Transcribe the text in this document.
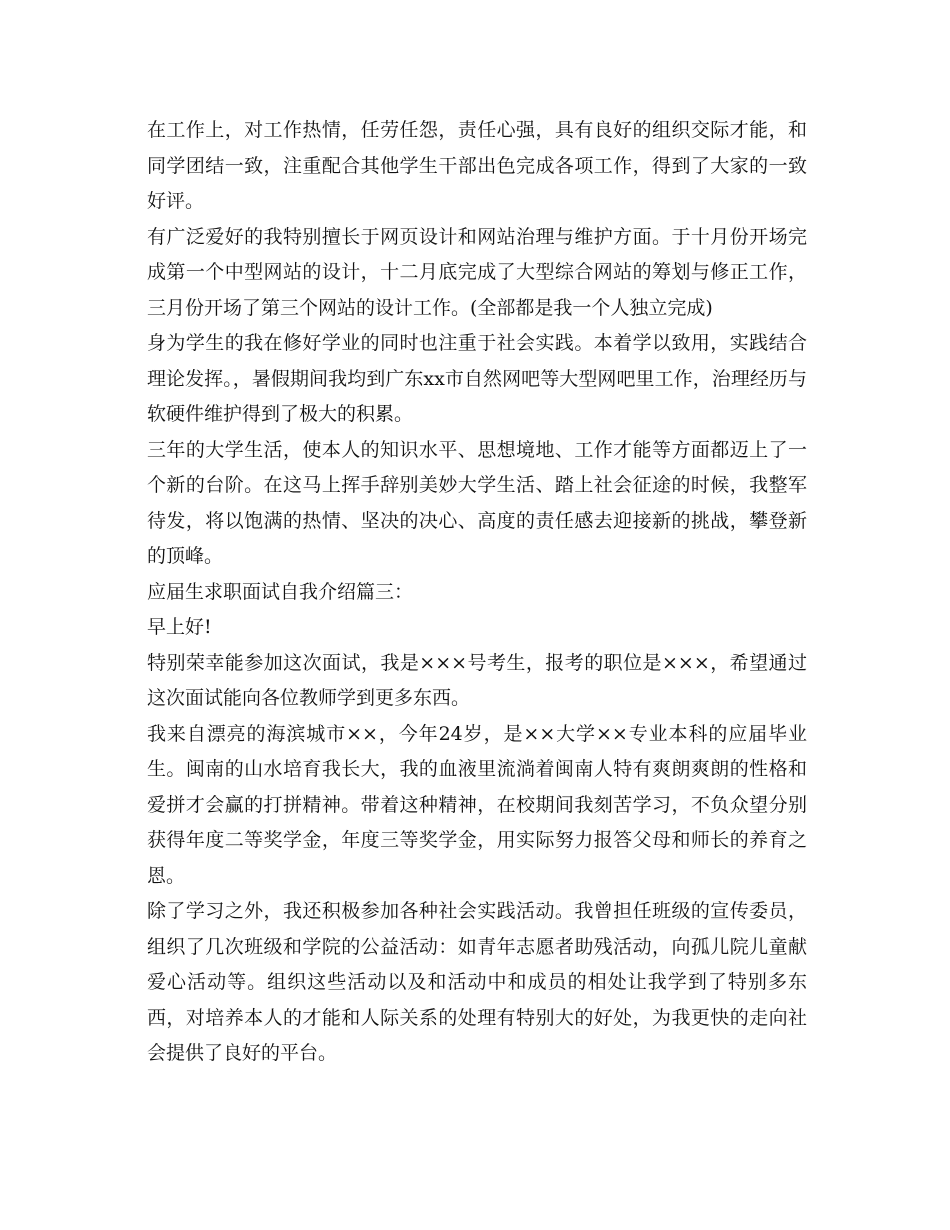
在工作上，对工作热情，任劳任怨，责任心强，具有良好的组织交际才能，和同学团结一致，注重配合其他学生干部出色完成各项工作，得到了大家的一致好评。

有广泛爱好的我特别擅长于网页设计和网站治理与维护方面。于十月份开场完成第一个中型网站的设计，十二月底完成了大型综合网站的筹划与修正工作，三月份开场了第三个网站的设计工作。(全部都是我一个人独立完成)

身为学生的我在修好学业的同时也注重于社会实践。本着学以致用，实践结合理论发挥。，暑假期间我均到广东xx市自然网吧等大型网吧里工作，治理经历与软硬件维护得到了极大的积累。

三年的大学生活，使本人的知识水平、思想境地、工作才能等方面都迈上了一个新的台阶。在这马上挥手辞别美妙大学生活、踏上社会征途的时候，我整军待发，将以饱满的热情、坚决的决心、高度的责任感去迎接新的挑战，攀登新的顶峰。

应届生求职面试自我介绍篇三：

早上好!

特别荣幸能参加这次面试，我是×××号考生，报考的职位是×××，希望通过这次面试能向各位教师学到更多东西。

我来自漂亮的海滨城市××，今年24岁，是××大学××专业本科的应届毕业生。闽南的山水培育我长大，我的血液里流淌着闽南人特有爽朗爽朗的性格和爱拼才会赢的打拼精神。带着这种精神，在校期间我刻苦学习，不负众望分别获得年度二等奖学金，年度三等奖学金，用实际努力报答父母和师长的养育之恩。

除了学习之外，我还积极参加各种社会实践活动。我曾担任班级的宣传委员，组织了几次班级和学院的公益活动：如青年志愿者助残活动，向孤儿院儿童献爱心活动等。组织这些活动以及和活动中和成员的相处让我学到了特别多东西，对培养本人的才能和人际关系的处理有特别大的好处，为我更快的走向社会提供了良好的平台。
